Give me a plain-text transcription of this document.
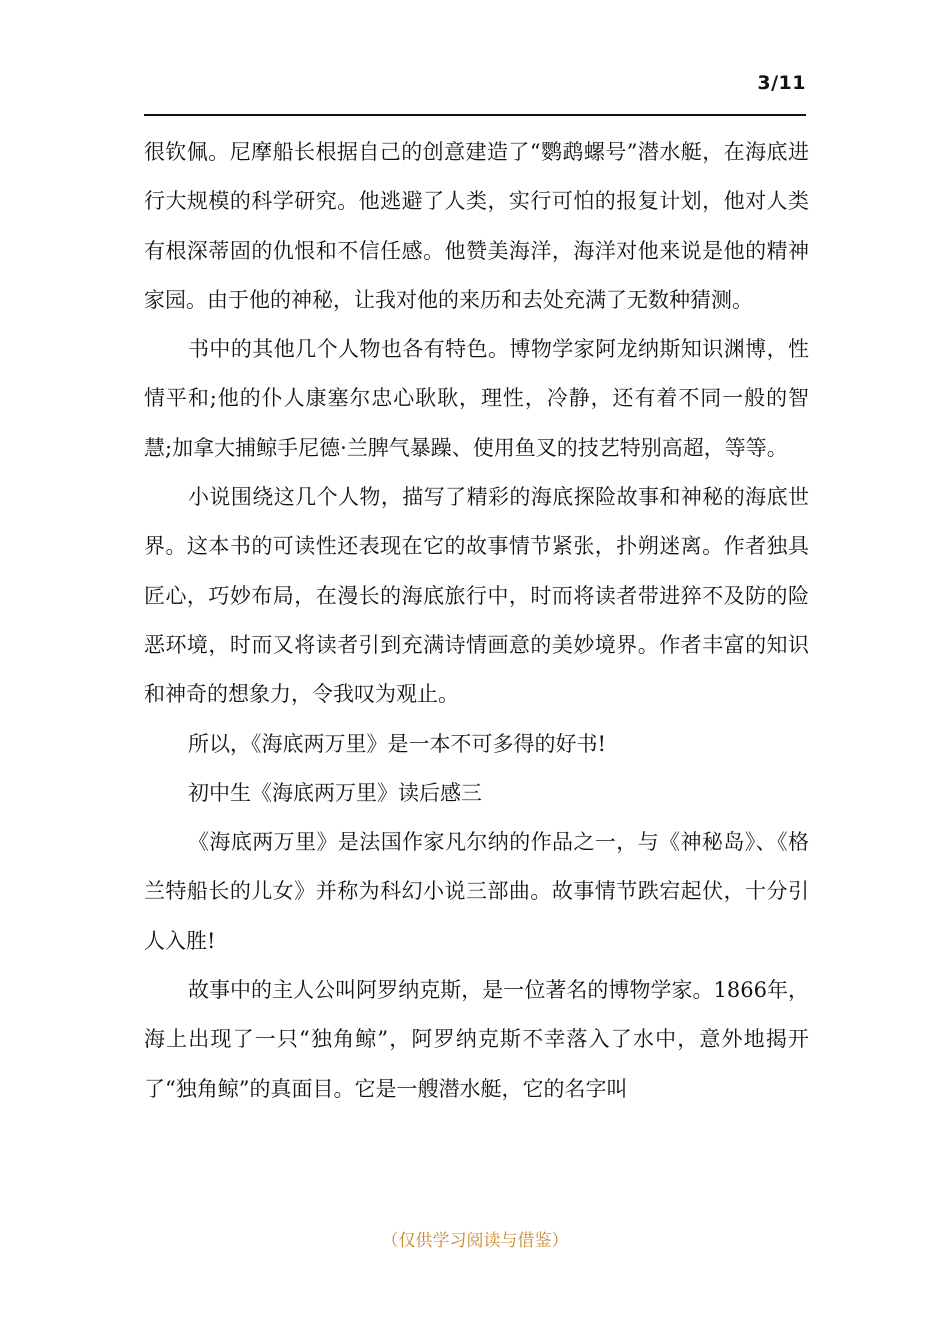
3/11

很钦佩。尼摩船长根据自己的创意建造了“鹦鹉螺号”潜水艇，在海底进行大规模的科学研究。他逃避了人类，实行可怕的报复计划，他对人类有根深蒂固的仇恨和不信任感。他赞美海洋，海洋对他来说是他的精神家园。由于他的神秘，让我对他的来历和去处充满了无数种猜测。

书中的其他几个人物也各有特色。博物学家阿龙纳斯知识渊博，性情平和;他的仆人康塞尔忠心耿耿，理性，冷静，还有着不同一般的智慧;加拿大捕鲸手尼德·兰脾气暴躁、使用鱼叉的技艺特别高超，等等。

小说围绕这几个人物，描写了精彩的海底探险故事和神秘的海底世界。这本书的可读性还表现在它的故事情节紧张，扑朔迷离。作者独具匠心，巧妙布局，在漫长的海底旅行中，时而将读者带进猝不及防的险恶环境，时而又将读者引到充满诗情画意的美妙境界。作者丰富的知识和神奇的想象力，令我叹为观止。

所以，《海底两万里》是一本不可多得的好书!

初中生《海底两万里》读后感三

《海底两万里》是法国作家凡尔纳的作品之一，与《神秘岛》、《格兰特船长的儿女》并称为科幻小说三部曲。故事情节跌宕起伏，十分引人入胜!

故事中的主人公叫阿罗纳克斯，是一位著名的博物学家。1866年，海上出现了一只“独角鲸”，阿罗纳克斯不幸落入了水中，意外地揭开了“独角鲸”的真面目。它是一艘潜水艇，它的名字叫

（仅供学习阅读与借鉴）
